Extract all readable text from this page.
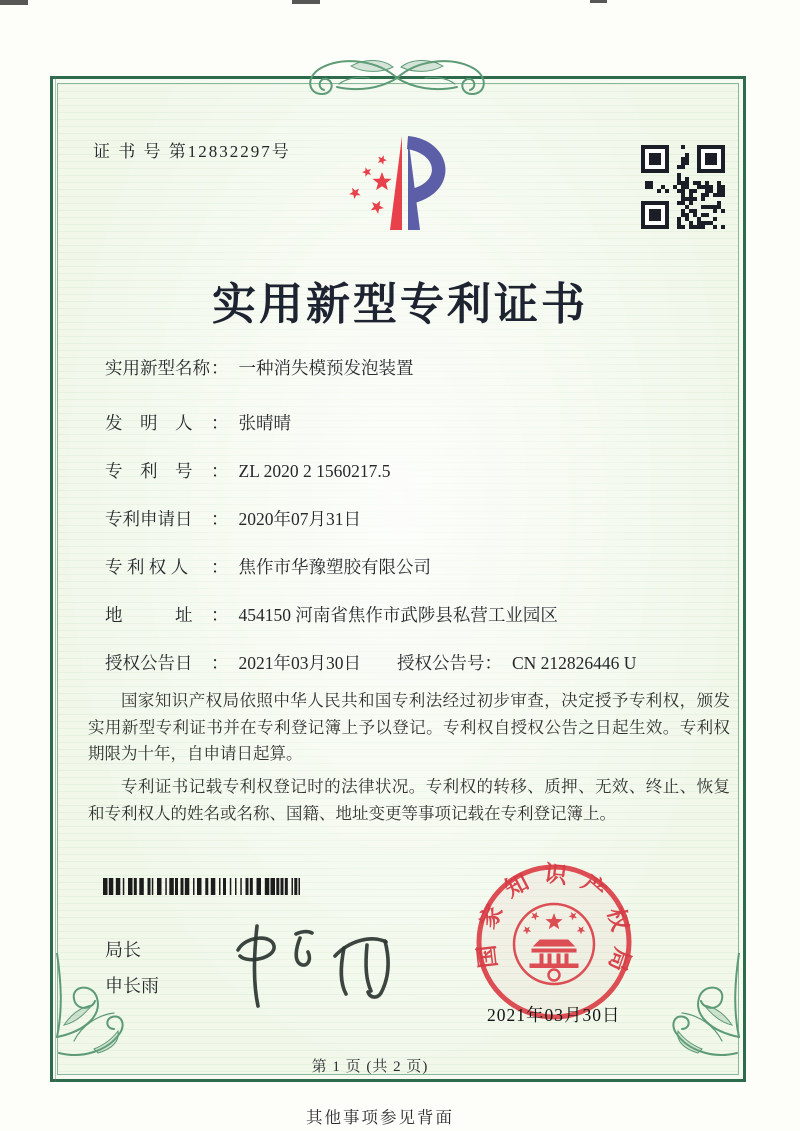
证 书 号 第12832297号
实用新型专利证书
实用新型名称： 一种消失模预发泡装置
发　明　人 ： 张晴晴
专　利　号 ： ZL 2020 2 1560217.5
专利申请日 ： 2020年07月31日
专 利 权 人 ： 焦作市华豫塑胶有限公司
地　　　址 ： 454150 河南省焦作市武陟县私营工业园区
授权公告日 ： 2021年03月30日 授权公告号： CN 212826446 U

国家知识产权局依照中华人民共和国专利法经过初步审查，决定授予专利权，颁发实用新型专利证书并在专利登记簿上予以登记。专利权自授权公告之日起生效。专利权期限为十年，自申请日起算。

专利证书记载专利权登记时的法律状况。专利权的转移、质押、无效、终止、恢复和专利权人的姓名或名称、国籍、地址变更等事项记载在专利登记簿上。

局长
申长雨
国家知识产权局
2021年03月30日
第 1 页 (共 2 页)
其他事项参见背面
